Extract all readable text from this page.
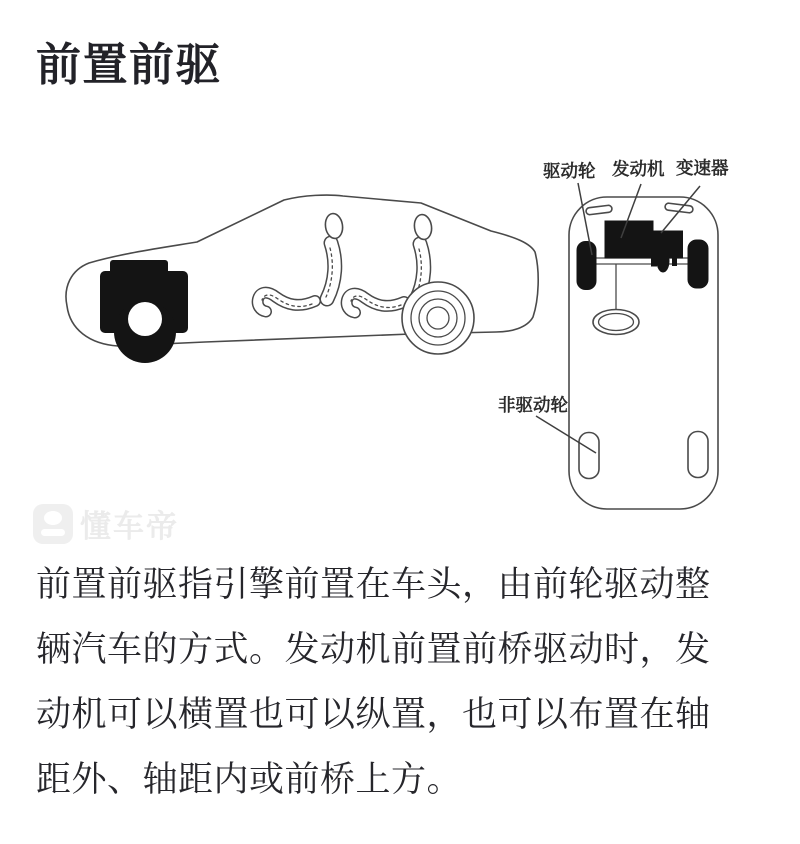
前置前驱
驱动轮 发动机 变速器
非驱动轮
懂车帝
前置前驱指引擎前置在车头，由前轮驱动整
辆汽车的方式。发动机前置前桥驱动时，发
动机可以横置也可以纵置，也可以布置在轴
距外、轴距内或前桥上方。
